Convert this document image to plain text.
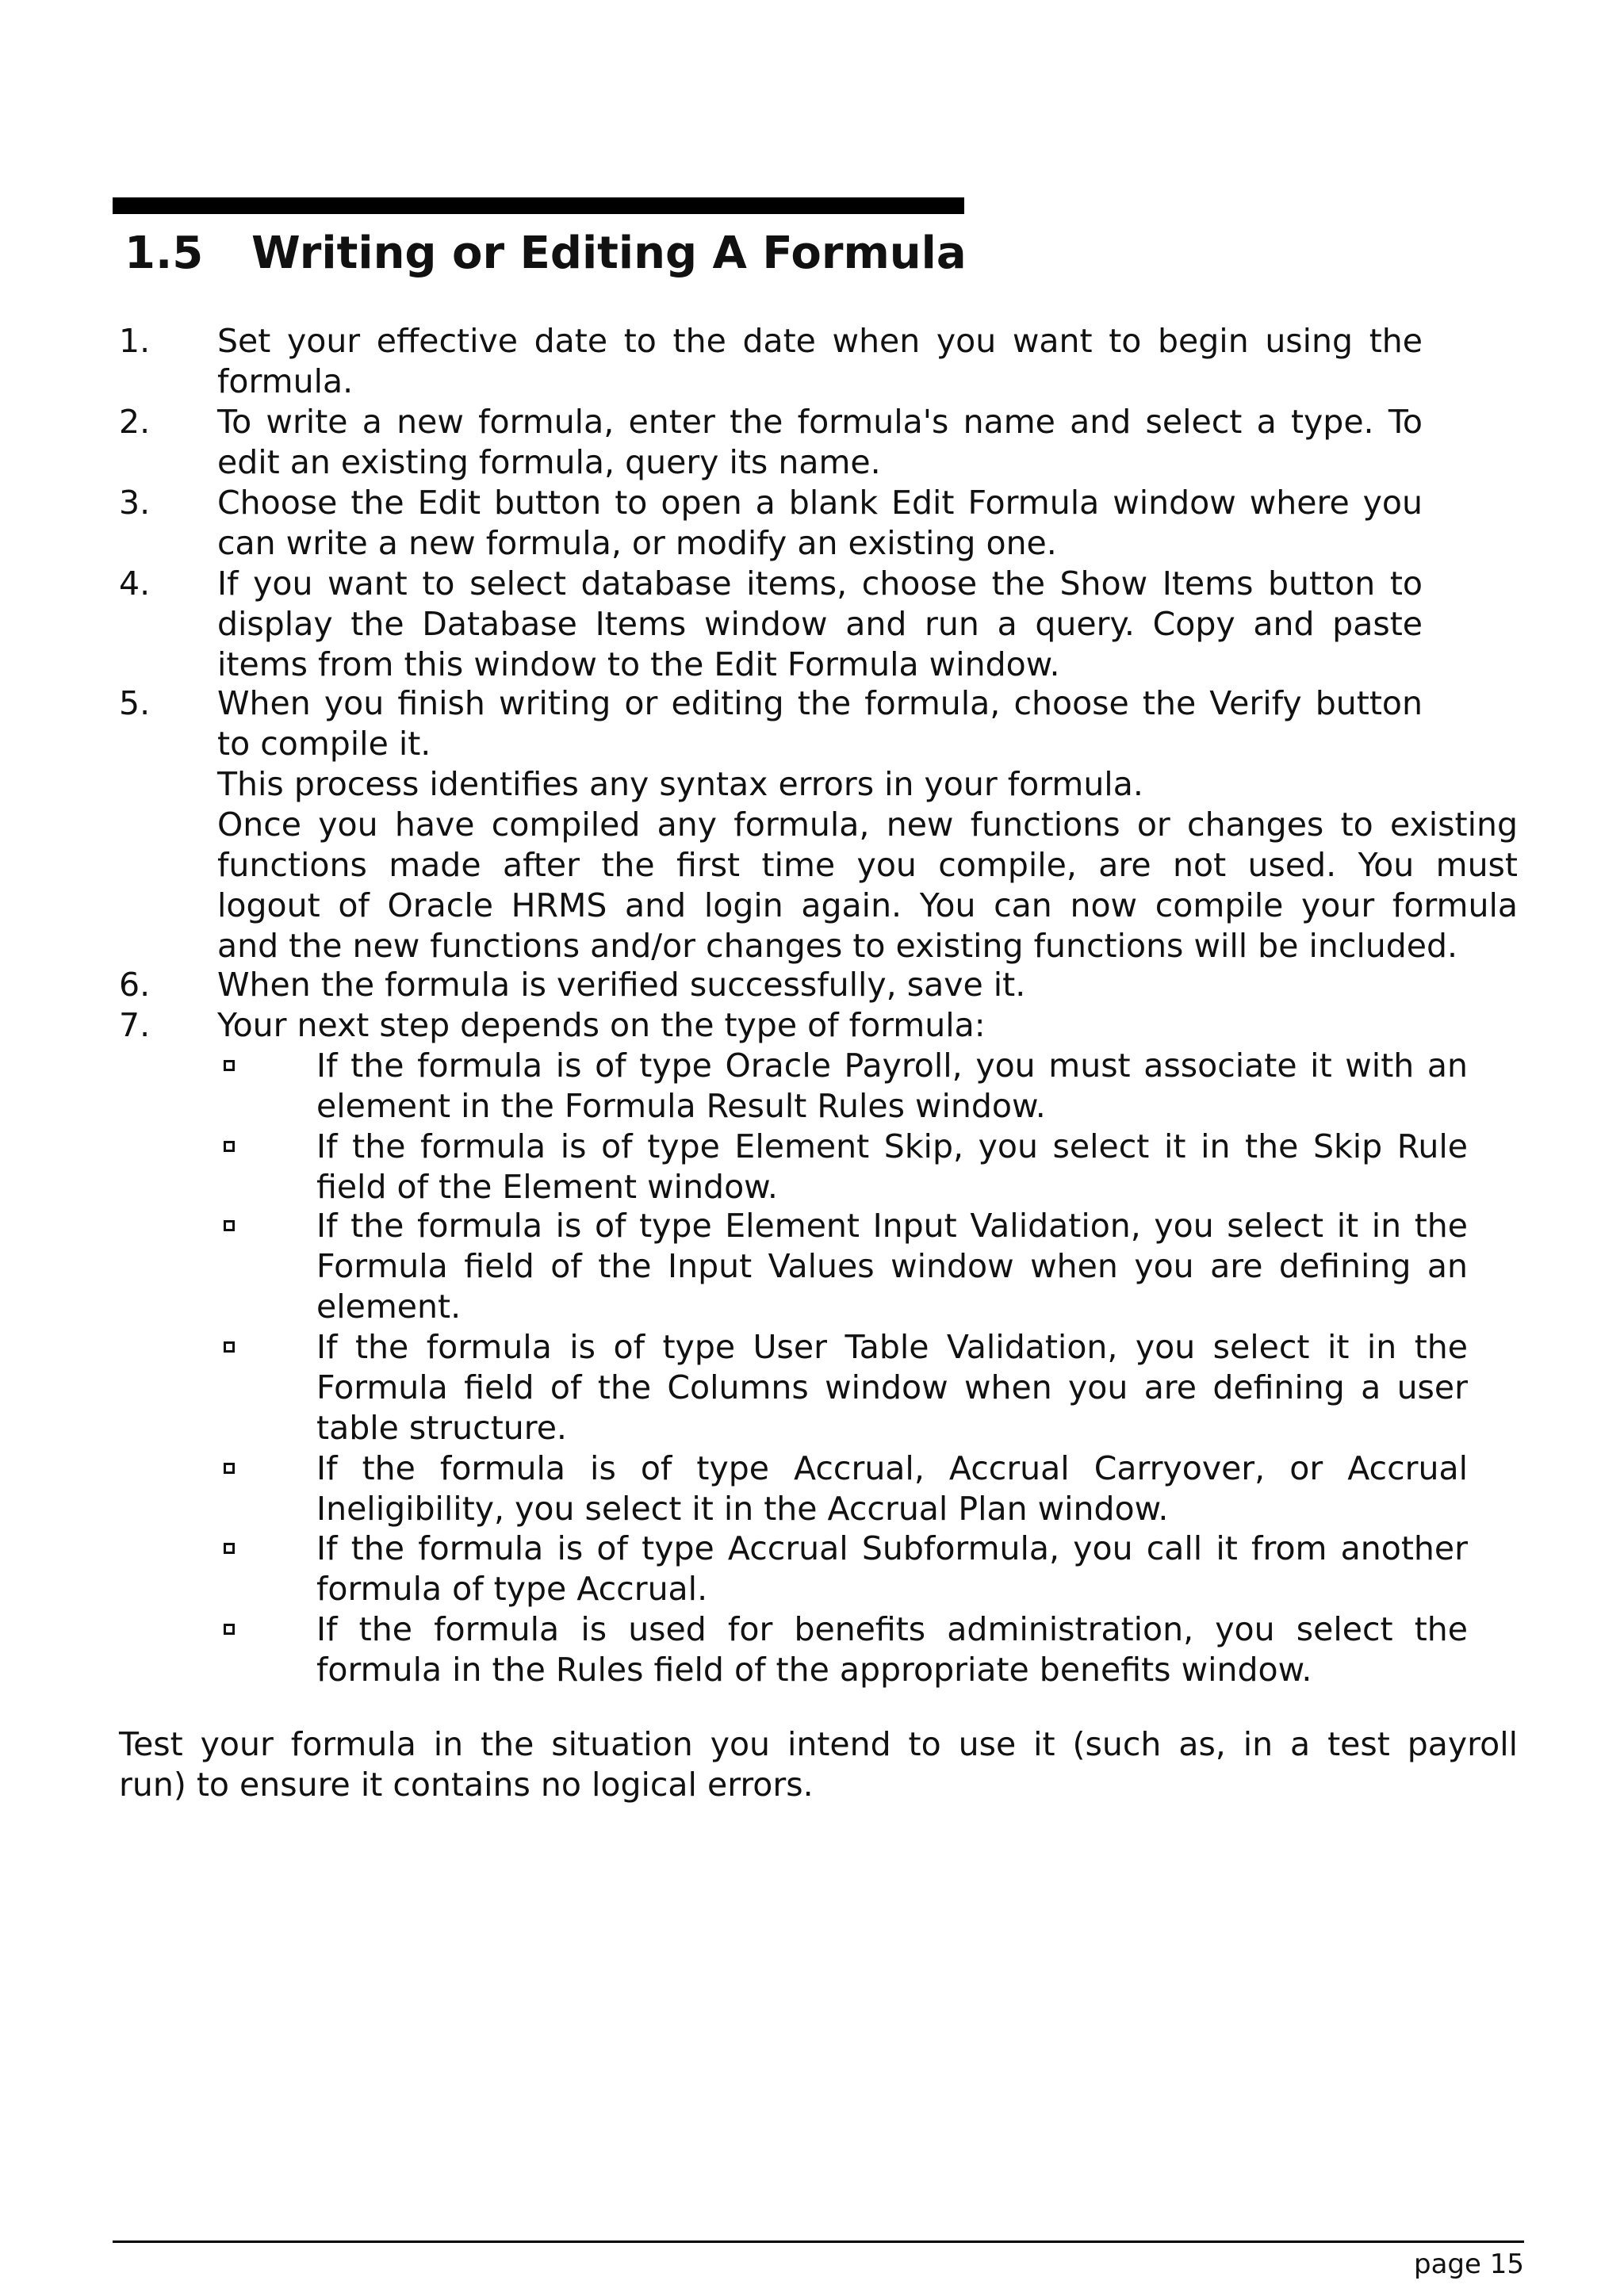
1.5 Writing or Editing A Formula
1. Set your effective date to the date when you want to begin using the
formula.
2. To write a new formula, enter the formula's name and select a type. To
edit an existing formula, query its name.
3. Choose the Edit button to open a blank Edit Formula window where you
can write a new formula, or modify an existing one.
4. If you want to select database items, choose the Show Items button to
display the Database Items window and run a query. Copy and paste
items from this window to the Edit Formula window.
5. When you finish writing or editing the formula, choose the Verify button
to compile it.
This process identifies any syntax errors in your formula.
Once you have compiled any formula, new functions or changes to existing
functions made after the first time you compile, are not used. You must
logout of Oracle HRMS and login again. You can now compile your formula
and the new functions and/or changes to existing functions will be included.
6. When the formula is verified successfully, save it.
7. Your next step depends on the type of formula:
If the formula is of type Oracle Payroll, you must associate it with an
element in the Formula Result Rules window.
If the formula is of type Element Skip, you select it in the Skip Rule
field of the Element window.
If the formula is of type Element Input Validation, you select it in the
Formula field of the Input Values window when you are defining an
element.
If the formula is of type User Table Validation, you select it in the
Formula field of the Columns window when you are defining a user
table structure.
If the formula is of type Accrual, Accrual Carryover, or Accrual
Ineligibility, you select it in the Accrual Plan window.
If the formula is of type Accrual Subformula, you call it from another
formula of type Accrual.
If the formula is used for benefits administration, you select the
formula in the Rules field of the appropriate benefits window.
Test your formula in the situation you intend to use it (such as, in a test payroll
run) to ensure it contains no logical errors.
page 15
